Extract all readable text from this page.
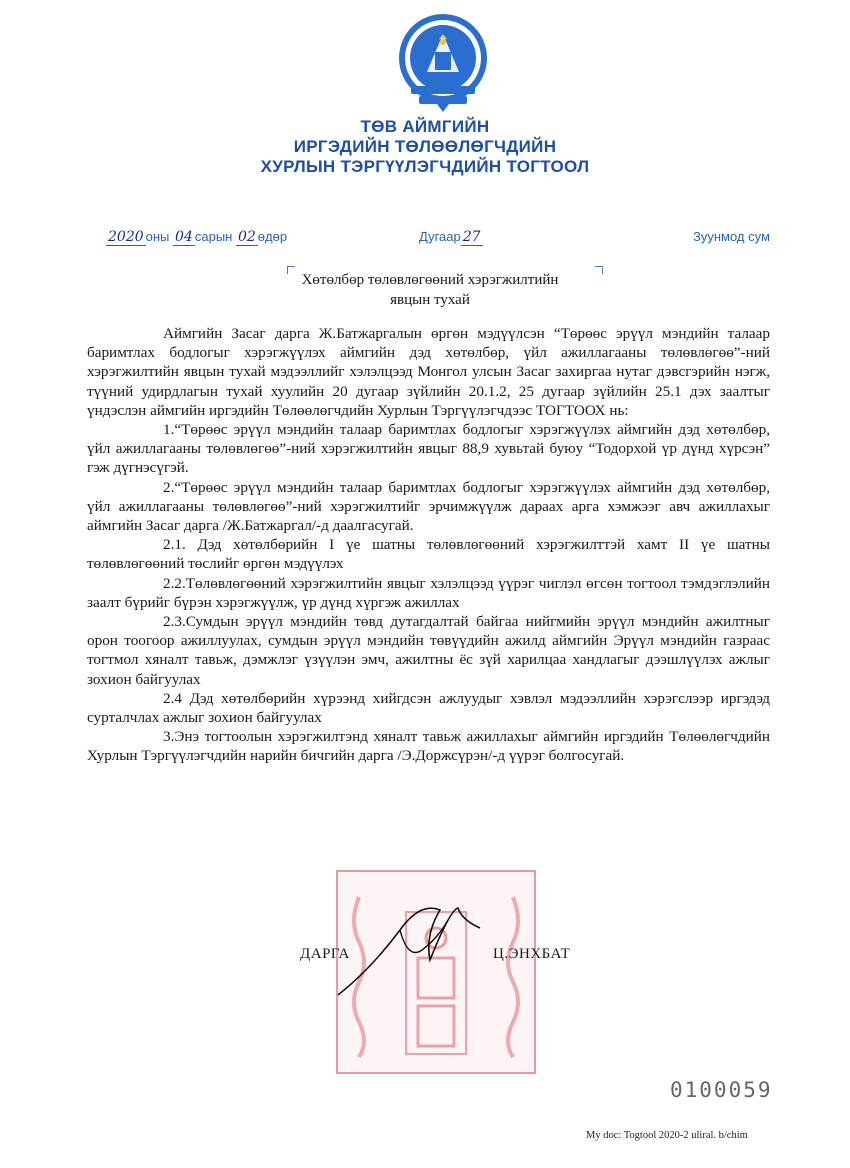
ТӨВ АЙМГИЙН
ИРГЭДИЙН ТӨЛӨӨЛӨГЧДИЙН
ХУРЛЫН ТЭРГҮҮЛЭГЧДИЙН ТОГТООЛ
2020 оны 04 сарын 02 өдөр	Дугаар 27	Зуунмод сум
Хөтөлбөр төлөвлөгөөний хэрэгжилтийн
явцын тухай

Аймгийн Засаг дарга Ж.Батжаргалын өргөн мэдүүлсэн “Төрөөс эрүүл мэндийн талаар баримтлах бодлогыг хэрэгжүүлэх аймгийн дэд хөтөлбөр, үйл ажиллагааны төлөвлөгөө”-ний хэрэгжилтийн явцын тухай мэдээллийг хэлэлцээд Монгол улсын Засаг захиргаа нутаг дэвсгэрийн нэгж, түүний удирдлагын тухай хуулийн 20 дугаар зүйлийн 20.1.2, 25 дугаар зүйлийн 25.1 дэх заалтыг үндэслэн аймгийн иргэдийн Төлөөлөгчдийн Хурлын Тэргүүлэгчдээс ТОГТООХ нь:

1.“Төрөөс эрүүл мэндийн талаар баримтлах бодлогыг хэрэгжүүлэх аймгийн дэд хөтөлбөр, үйл ажиллагааны төлөвлөгөө”-ний хэрэгжилтийн явцыг 88,9 хувьтай буюу “Тодорхой үр дүнд хүрсэн” гэж дүгнэсүгэй.

2.“Төрөөс эрүүл мэндийн талаар баримтлах бодлогыг хэрэгжүүлэх аймгийн дэд хөтөлбөр, үйл ажиллагааны төлөвлөгөө”-ний хэрэгжилтийг эрчимжүүлж дараах арга хэмжээг авч ажиллахыг аймгийн Засаг дарга /Ж.Батжаргал/-д даалгасугай.

2.1. Дэд хөтөлбөрийн I үе шатны төлөвлөгөөний хэрэгжилттэй хамт II үе шатны төлөвлөгөөний төслийг өргөн мэдүүлэх

2.2.Төлөвлөгөөний хэрэгжилтийн явцыг хэлэлцээд үүрэг чиглэл өгсөн тогтоол тэмдэглэлийн заалт бүрийг бүрэн хэрэгжүүлж, үр дүнд хүргэж ажиллах

2.3.Сумдын эрүүл мэндийн төвд дутагдалтай байгаа нийгмийн эрүүл мэндийн ажилтныг орон тоогоор ажиллуулах, сумдын эрүүл мэндийн төвүүдийн ажилд аймгийн Эрүүл мэндийн газраас тогтмол хяналт тавьж, дэмжлэг үзүүлэн эмч, ажилтны ёс зүй харилцаа хандлагыг дээшлүүлэх ажлыг зохион байгуулах

2.4 Дэд хөтөлбөрийн хүрээнд хийгдсэн ажлуудыг хэвлэл мэдээллийн хэрэгслээр иргэдэд сурталчлах ажлыг зохион байгуулах

3.Энэ тогтоолын хэрэгжилтэнд хяналт тавьж ажиллахыг аймгийн иргэдийн Төлөөлөгчдийн Хурлын Тэргүүлэгчдийн нарийн бичгийн дарга /Э.Доржсүрэн/-д үүрэг болгосугай.

ДАРГА	Ц.ЭНХБАТ
0100059
My doc: Togtool 2020-2 uliral. b/chim
